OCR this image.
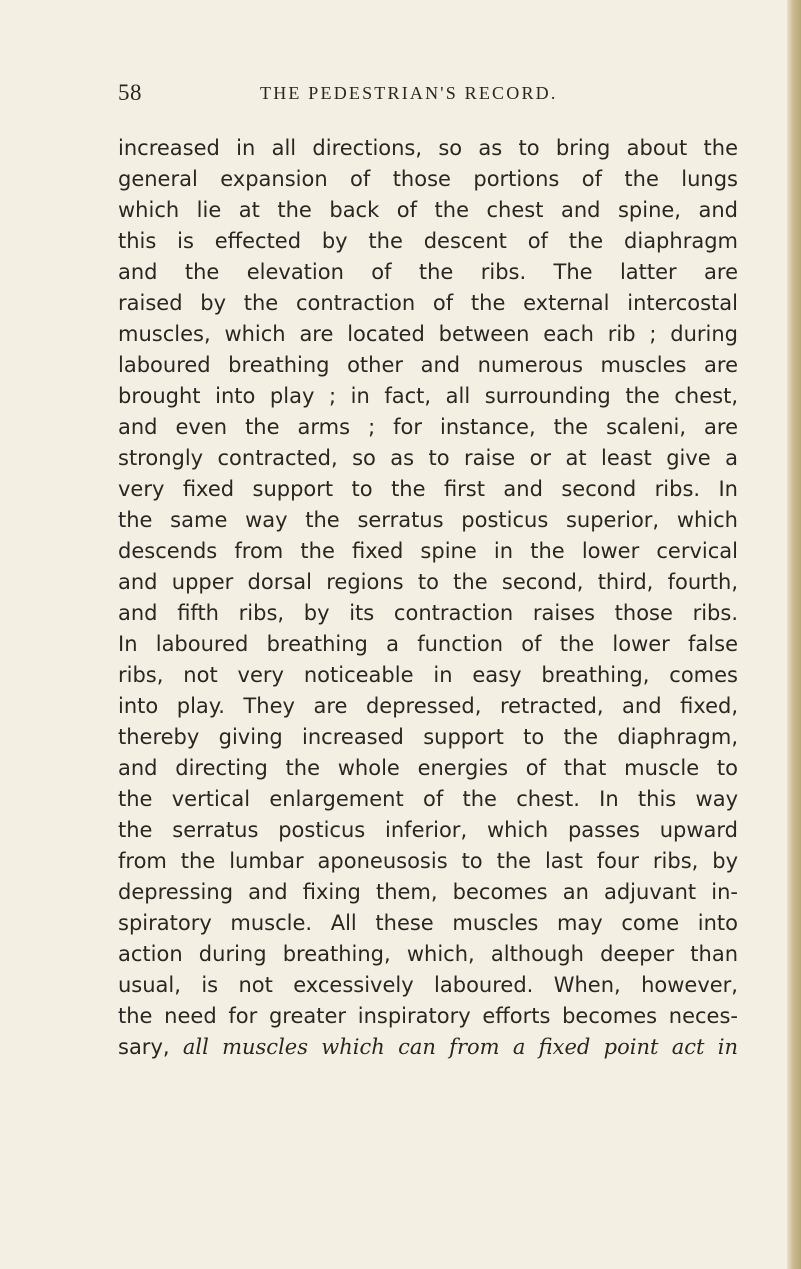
58	THE PEDESTRIAN'S RECORD.
increased in all directions, so as to bring about the
general expansion of those portions of the lungs
which lie at the back of the chest and spine, and
this is effected by the descent of the diaphragm
and the elevation of the ribs. The latter are
raised by the contraction of the external intercostal
muscles, which are located between each rib ; during
laboured breathing other and numerous muscles are
brought into play ; in fact, all surrounding the chest,
and even the arms ; for instance, the scaleni, are
strongly contracted, so as to raise or at least give a
very fixed support to the first and second ribs. In
the same way the serratus posticus superior, which
descends from the fixed spine in the lower cervical
and upper dorsal regions to the second, third, fourth,
and fifth ribs, by its contraction raises those ribs.
In laboured breathing a function of the lower false
ribs, not very noticeable in easy breathing, comes
into play. They are depressed, retracted, and fixed,
thereby giving increased support to the diaphragm,
and directing the whole energies of that muscle to
the vertical enlargement of the chest. In this way
the serratus posticus inferior, which passes upward
from the lumbar aponeusosis to the last four ribs, by
depressing and fixing them, becomes an adjuvant in-
spiratory muscle. All these muscles may come into
action during breathing, which, although deeper than
usual, is not excessively laboured. When, however,
the need for greater inspiratory efforts becomes neces-
sary, all muscles which can from a fixed point act in
